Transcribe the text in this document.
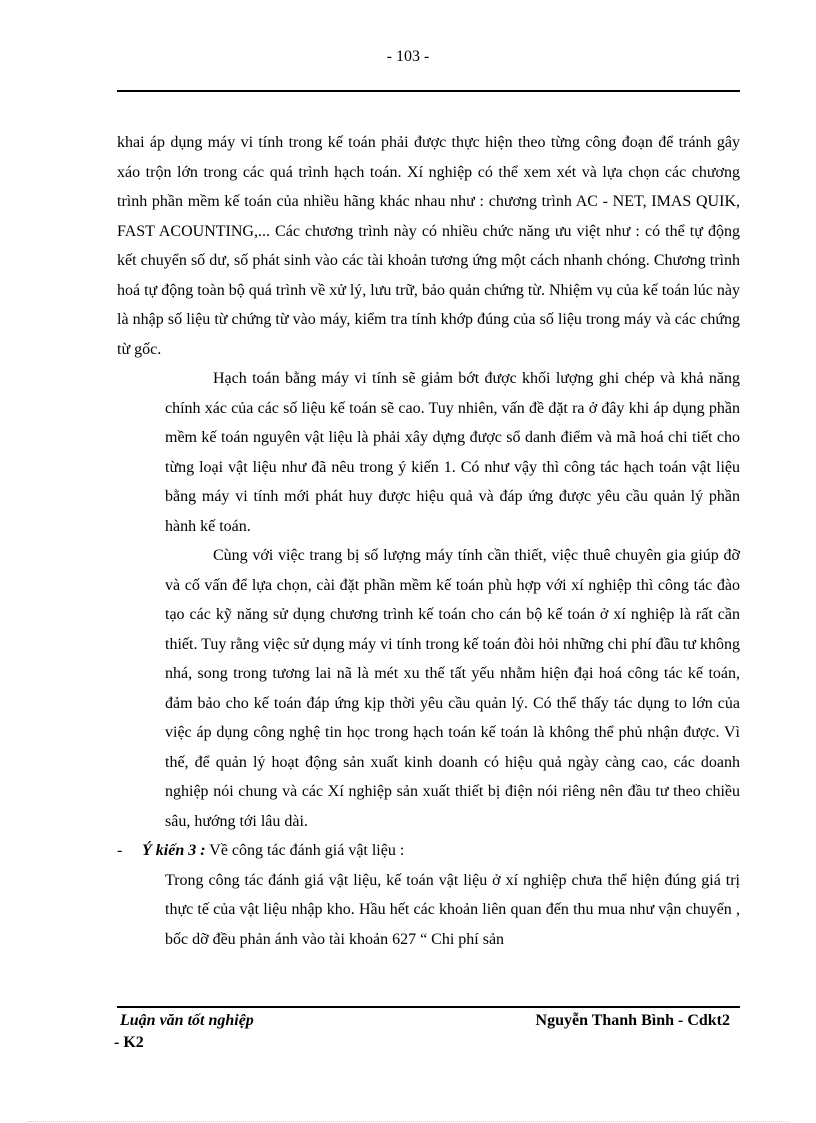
- 103 -

khai áp dụng máy vi tính trong kế toán phải được thực hiện theo từng công đoạn để tránh gây xáo trộn lớn trong các quá trình hạch toán. Xí nghiệp có thể xem xét và lựa chọn các chương trình phần mềm kế toán của nhiều hãng khác nhau như : chương trình AC - NET, IMAS QUIK, FAST ACOUNTING,... Các chương trình này có nhiều chức năng ưu việt như : có thể tự động kết chuyển số dư, số phát sinh vào các tài khoản tương ứng một cách nhanh chóng. Chương trình hoá tự động toàn bộ quá trình về xử lý, lưu trữ, bảo quản chứng từ. Nhiệm vụ của kế toán lúc này là nhập số liệu từ chứng từ vào máy, kiểm tra tính khớp đúng của số liệu trong máy và các chứng từ gốc.

Hạch toán bằng máy vi tính sẽ giảm bớt được khối lượng ghi chép và khả năng chính xác của các số liệu kế toán sẽ cao. Tuy nhiên, vấn đề đặt ra ở đây khi áp dụng phần mềm kế toán nguyên vật liệu là phải xây dựng được sổ danh điểm và mã hoá chi tiết cho từng loại vật liệu như đã nêu trong ý kiến 1. Có như vậy thì công tác hạch toán vật liệu bằng máy vi tính mới phát huy được hiệu quả và đáp ứng được yêu cầu quản lý phần hành kế toán.

Cùng với việc trang bị số lượng máy tính cần thiết, việc thuê chuyên gia giúp đỡ và cố vấn để lựa chọn, cài đặt phần mềm kế toán phù hợp với xí nghiệp thì công tác đào tạo các kỹ năng sử dụng chương trình kế toán cho cán bộ kế toán ở xí nghiệp là rất cần thiết. Tuy rằng việc sử dụng máy vi tính trong kế toán đòi hỏi những chi phí đầu tư không nhá, song trong tương lai nã là mét xu thế tất yếu nhằm hiện đại hoá công tác kế toán, đảm bảo cho kế toán đáp ứng kịp thời yêu cầu quản lý. Có thể thấy tác dụng to lớn của việc áp dụng công nghệ tin học trong hạch toán kế toán là không thể phủ nhận được. Vì thế, để quản lý hoạt động sản xuất kinh doanh có hiệu quả ngày càng cao, các doanh nghiệp nói chung và các Xí nghiệp sản xuất thiết bị điện nói riêng nên đầu tư theo chiều sâu, hướng tới lâu dài.

- Ý kiến 3 : Về công tác đánh giá vật liệu :

Trong công tác đánh giá vật liệu, kế toán vật liệu ở xí nghiệp chưa thể hiện đúng giá trị thực tế của vật liệu nhập kho. Hầu hết các khoản liên quan đến thu mua như vận chuyển , bốc dỡ đều phản ánh vào tài khoản 627 “ Chi phí sản

Luận văn tốt nghiệp	Nguyễn Thanh Bình - Cdkt2
- K2
